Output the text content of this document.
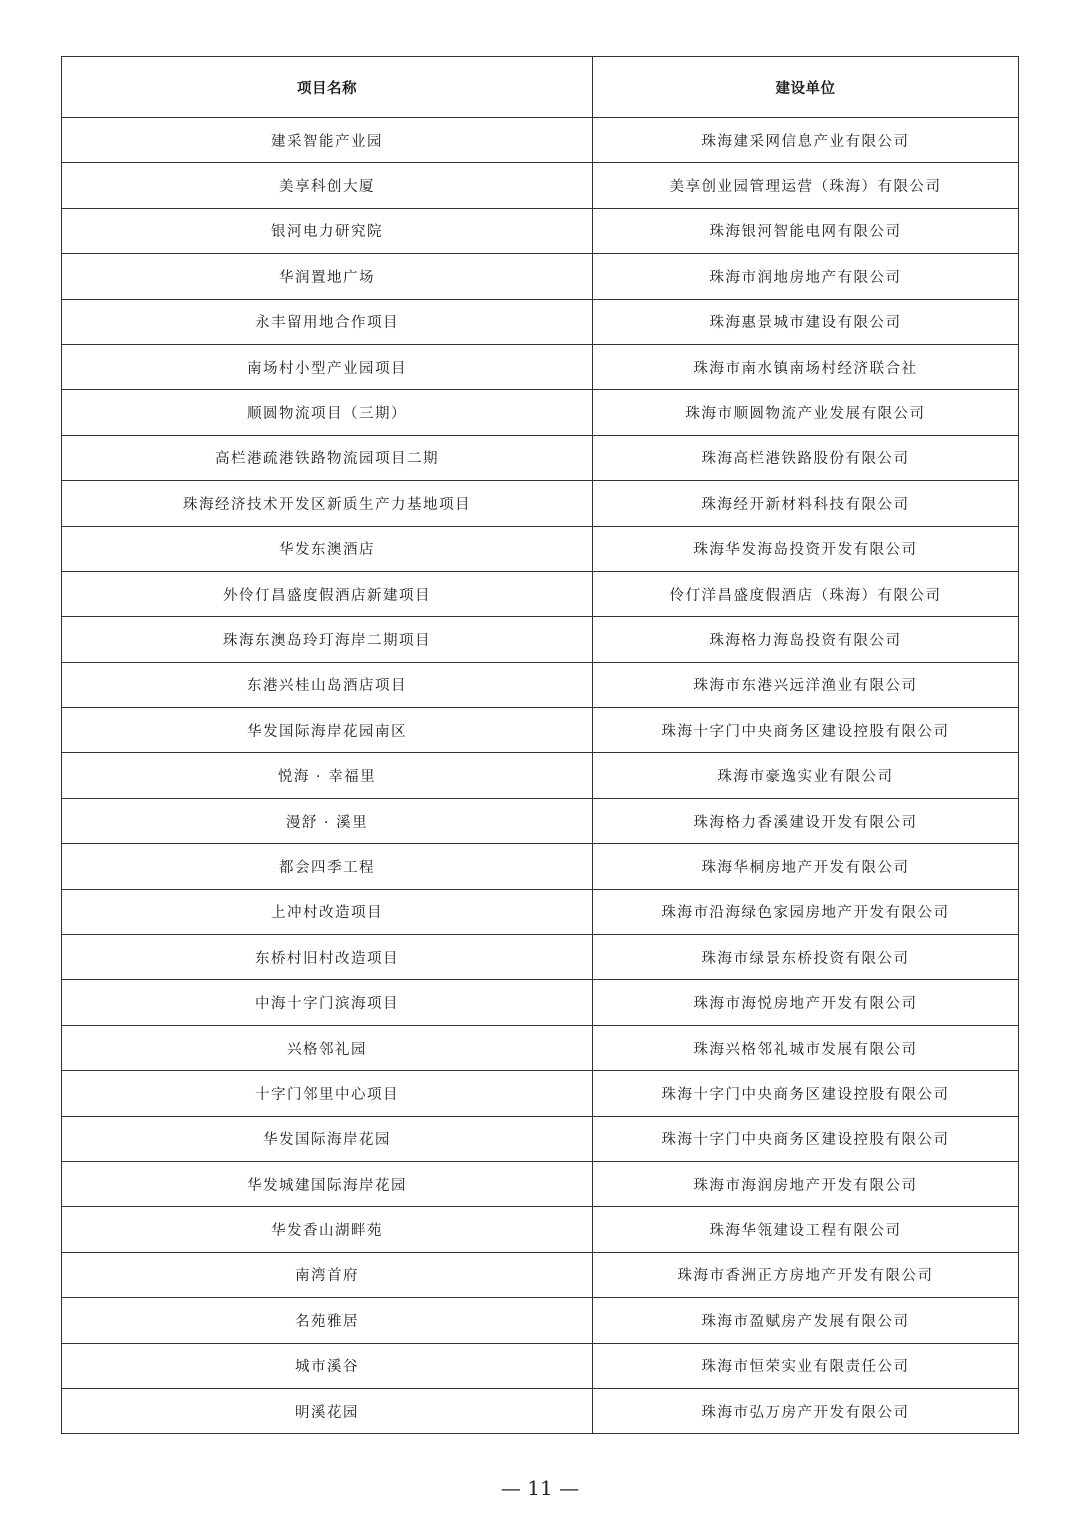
项目名称	建设单位
建采智能产业园	珠海建采网信息产业有限公司
美享科创大厦	美享创业园管理运营（珠海）有限公司
银河电力研究院	珠海银河智能电网有限公司
华润置地广场	珠海市润地房地产有限公司
永丰留用地合作项目	珠海惠景城市建设有限公司
南场村小型产业园项目	珠海市南水镇南场村经济联合社
顺圆物流项目（三期）	珠海市顺圆物流产业发展有限公司
高栏港疏港铁路物流园项目二期	珠海高栏港铁路股份有限公司
珠海经济技术开发区新质生产力基地项目	珠海经开新材料科技有限公司
华发东澳酒店	珠海华发海岛投资开发有限公司
外伶仃昌盛度假酒店新建项目	伶仃洋昌盛度假酒店（珠海）有限公司
珠海东澳岛玲玎海岸二期项目	珠海格力海岛投资有限公司
东港兴桂山岛酒店项目	珠海市东港兴远洋渔业有限公司
华发国际海岸花园南区	珠海十字门中央商务区建设控股有限公司
悦海 · 幸福里	珠海市豪逸实业有限公司
漫舒 · 溪里	珠海格力香溪建设开发有限公司
都会四季工程	珠海华桐房地产开发有限公司
上冲村改造项目	珠海市沿海绿色家园房地产开发有限公司
东桥村旧村改造项目	珠海市绿景东桥投资有限公司
中海十字门滨海项目	珠海市海悦房地产开发有限公司
兴格邻礼园	珠海兴格邻礼城市发展有限公司
十字门邻里中心项目	珠海十字门中央商务区建设控股有限公司
华发国际海岸花园	珠海十字门中央商务区建设控股有限公司
华发城建国际海岸花园	珠海市海润房地产开发有限公司
华发香山湖畔苑	珠海华瓴建设工程有限公司
南湾首府	珠海市香洲正方房地产开发有限公司
名苑雅居	珠海市盈赋房产发展有限公司
城市溪谷	珠海市恒荣实业有限责任公司
明溪花园	珠海市弘万房产开发有限公司
— 11 —
